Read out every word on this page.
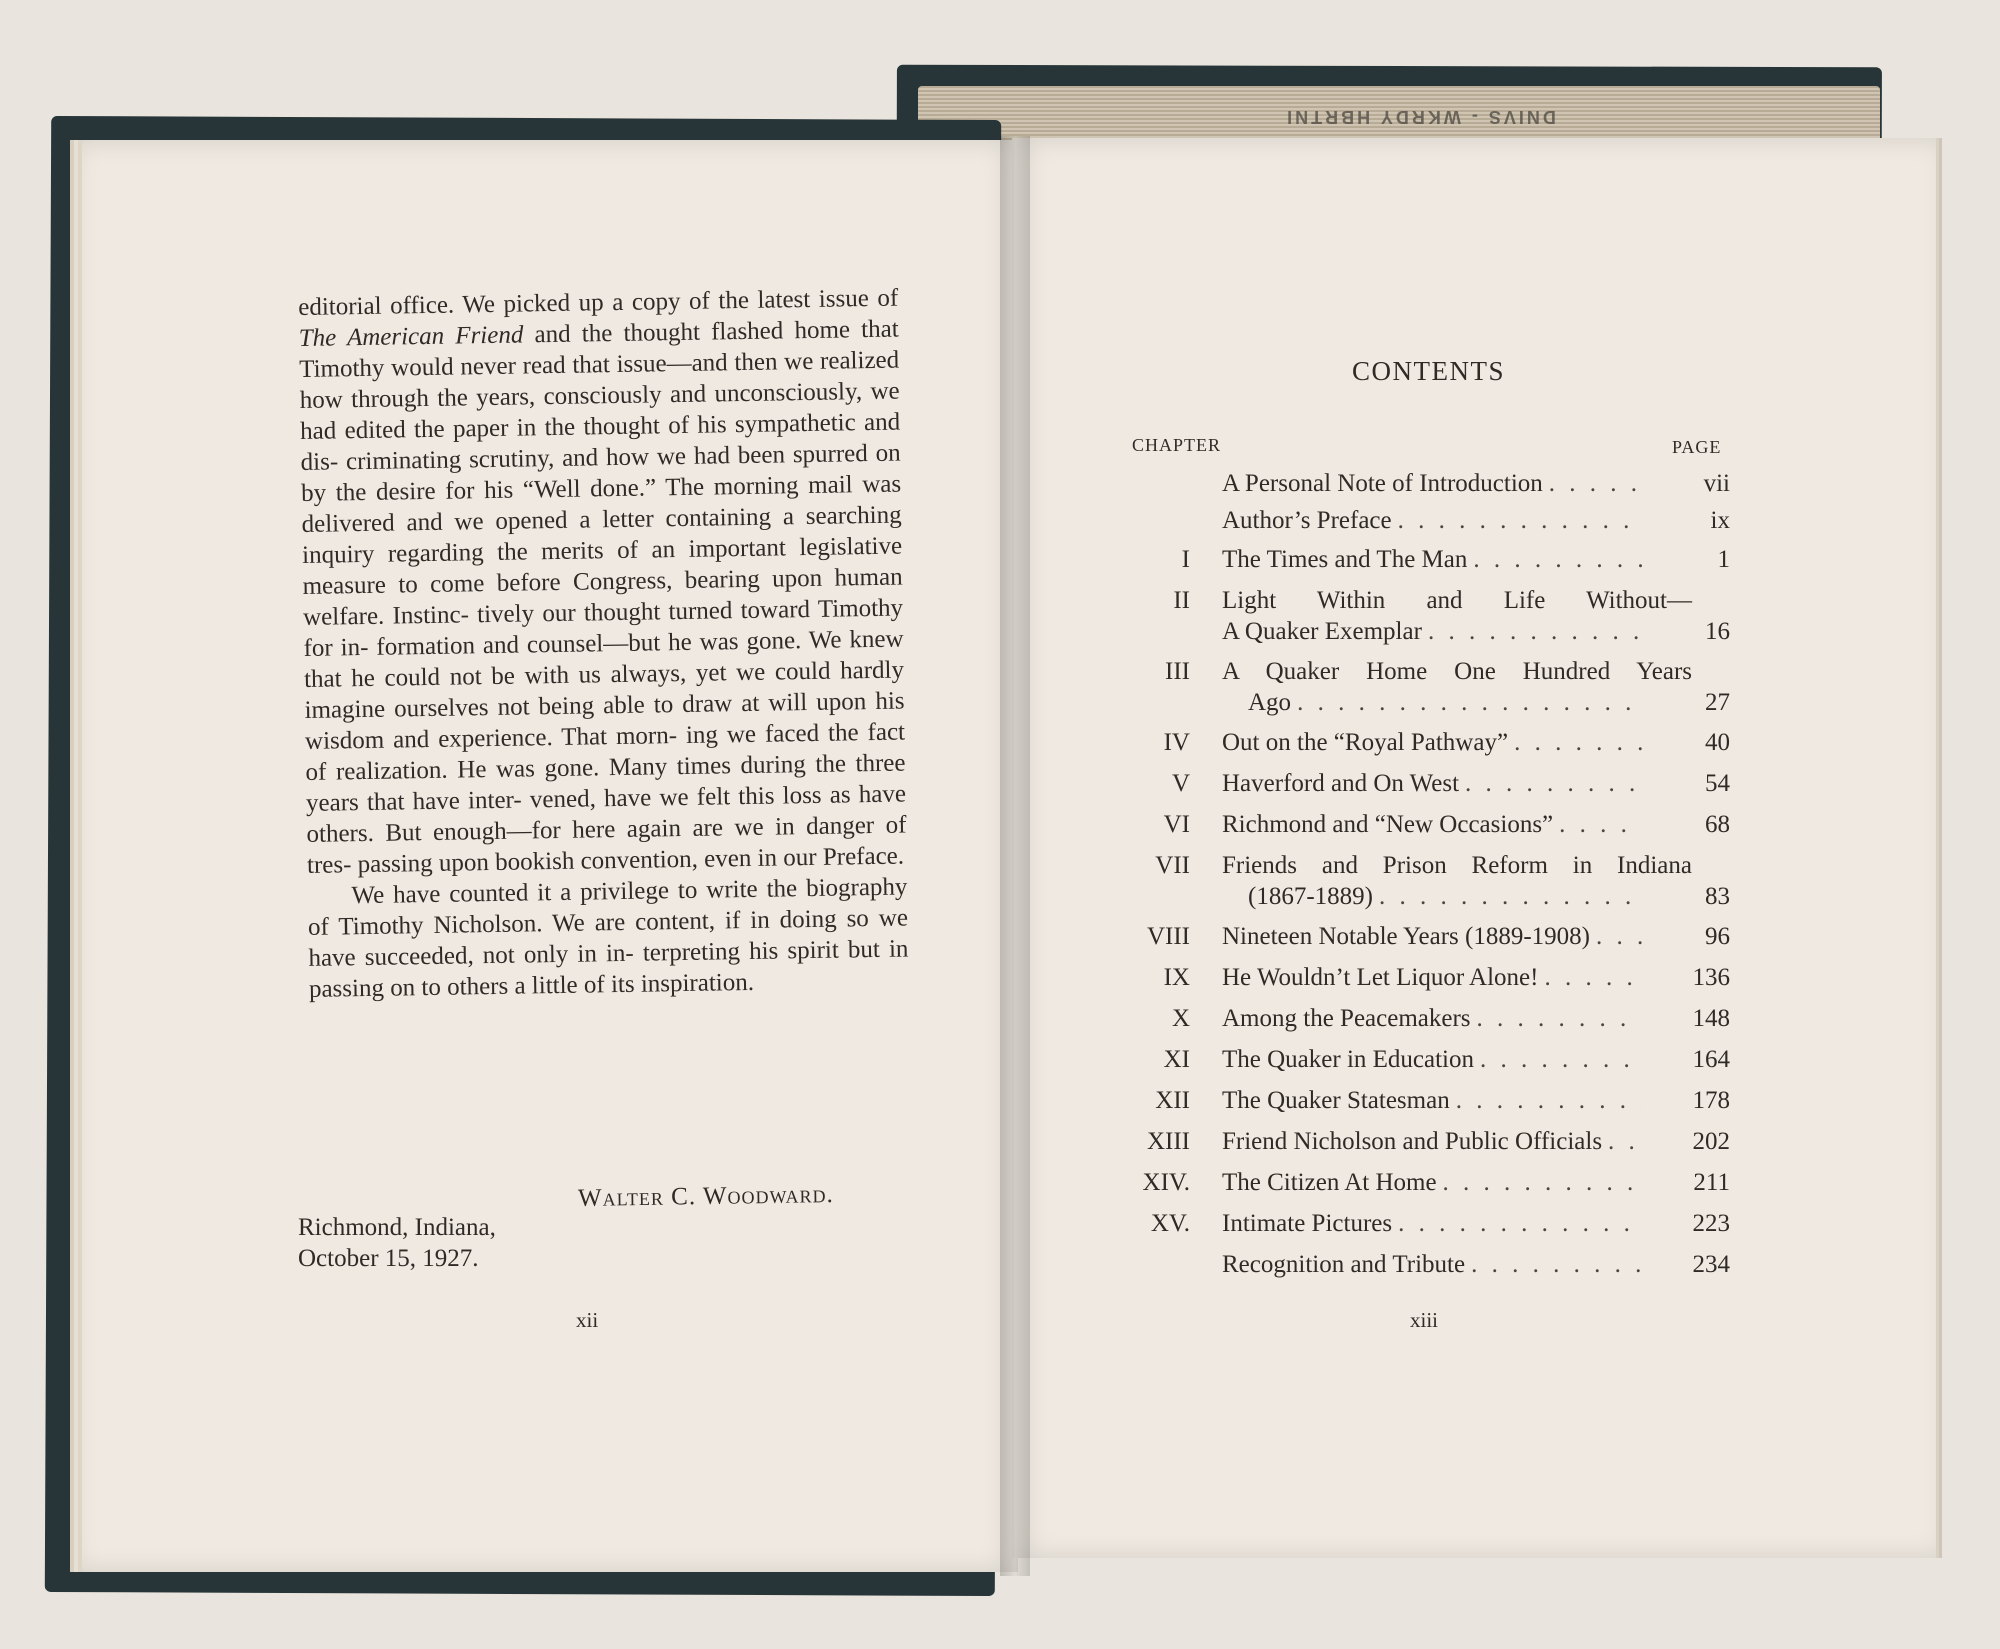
DNIVS - WKRDY HBRTNI

editorial office. We picked up a copy of the latest issue of The American Friend and the thought flashed home that Timothy would never read that issue—and then we realized how through the years, consciously and unconsciously, we had edited the paper in the thought of his sympathetic and dis- criminating scrutiny, and how we had been spurred on by the desire for his “Well done.” The morning mail was delivered and we opened a letter containing a searching inquiry regarding the merits of an important legislative measure to come before Congress, bearing upon human welfare. Instinc- tively our thought turned toward Timothy for in- formation and counsel—but he was gone. We knew that he could not be with us always, yet we could hardly imagine ourselves not being able to draw at will upon his wisdom and experience. That morn- ing we faced the fact of realization. He was gone. Many times during the three years that have inter- vened, have we felt this loss as have others. But enough—for here again are we in danger of tres- passing upon bookish convention, even in our Preface.

We have counted it a privilege to write the biography of Timothy Nicholson. We are content, if in doing so we have succeeded, not only in in- terpreting his spirit but in passing on to others a little of its inspiration.

Walter C. Woodward.
Richmond, Indiana,
October 15, 1927.
xii
CONTENTS
CHAPTER	PAGE
A Personal Note of Introduction . . .	vii
Author’s Preface . . .	ix
I The Times and The Man . . .	1
II Light Within and Life Without—
A Quaker Exemplar . . .	16
III A Quaker Home One Hundred Years
Ago . . .	27
IV Out on the “Royal Pathway” . . .	40
V Haverford and On West . . .	54
VI Richmond and “New Occasions” . . .	68
VII Friends and Prison Reform in Indiana
(1867-1889) . . .	83
VIII Nineteen Notable Years (1889-1908) . . .	96
IX He Wouldn’t Let Liquor Alone! . . .	136
X Among the Peacemakers . . .	148
XI The Quaker in Education . . .	164
XII The Quaker Statesman . . .	178
XIII Friend Nicholson and Public Officials . . .	202
XIV. The Citizen At Home . . .	211
XV. Intimate Pictures . . .	223
Recognition and Tribute . . .	234
xiii
